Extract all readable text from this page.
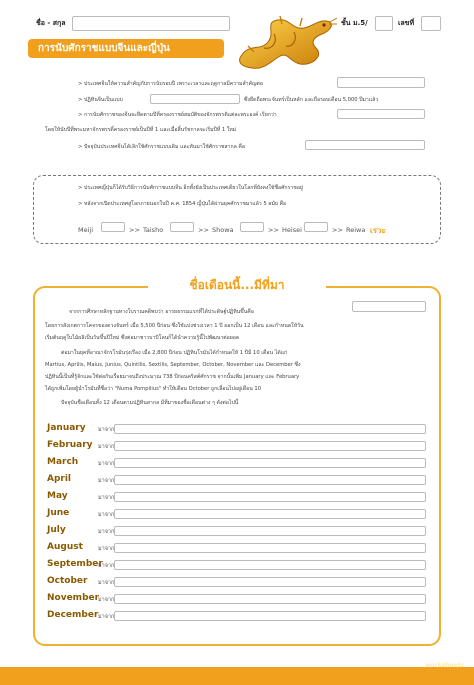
ชื่อ - สกุล	ชั้น ม.5/	เลขที่
การนับศักราชแบบจีนและญี่ปุ่น
> ประเทศจีนให้ความสำคัญกับการนับรอบปี เพราะเวลาและฤดูกาลมีความสำคัญต่อ
> ปฏิทินจีนเป็นแบบ	ซึ่งยึดถือพระจันทร์เป็นหลัก และถือรอบเดือน 5,000 ปีมาแล้ว
> การนับศักราชของจีนจะยึดตามปีที่ครองราชย์สมบัติของจักรพรรดิแต่ละพระองค์ เรียกว่า
โดยให้นับปีที่พระมหาจักรพรรดิ์ครองราชย์เป็นปีที่ 1 และเมื่อสิ้นรัชกาลจะเริ่มปีที่ 1 ใหม่
> ปัจจุบันประเทศจีนได้เลิกใช้ศักราชแบบเดิม และหันมาใช้ศักราชสากล คือ
> ประเทศญี่ปุ่นก็ได้รับวิธีการนับศักราชแบบจีน อีกทั้งยังเป็นประเทศเดียวในโลกที่ยังคงใช้ชื่อศักราชอยู่
> หลังจากเปิดประเทศสู่โลกภายนอกในปี ค.ศ. 1854 ญี่ปุ่นได้ผ่านยุคศักราชมาแล้ว 5 สมัย คือ
Meiji	>> Taisho	>> Showa	>> Heisei	>> Reiwa เรวะ
ชื่อเดือนนี้...มีที่มา
จากการศึกษาหลักฐานทางโบราณคดีพบว่า อารยธรรมแรกที่ได้ประดิษฐ์ปฏิทินขึ้นคือ
โดยการสังเกตการโคจรของดวงจันทร์ เมื่อ 5,500 ปีก่อน ซึ่งใช้แบ่งช่วงเวลา 1 ปี ออกเป็น 12 เดือน และกำหนดให้วัน
เริ่มต้นฤดูใบไม้ผลิเป็นวันขึ้นปีใหม่ ซึ่งต่อมาชาวบาบิโลนก็ได้นำความรู้นี้ไปพัฒนาต่อยอด
ต่อมาในยุคที่อาณาจักรโรมันรุ่งเรือง เมื่อ 2,800 ปีก่อน ปฏิทินโรมันได้กำหนดให้ 1 ปีมี 10 เดือน ได้แก่
Martius, Aprilis, Maius, Junius, Quintilis, Sextilis, September, October, November และ December ซึ่ง
ปฏิทินนี้เป็นที่รู้จักและใช้ต่อกันเรื่อยมาจนถึงประมาณ 738 ปีก่อนคริสต์ศักราช จากนั้นเพิ่ม January และ February
ได้ถูกเพิ่มโดยผู้นำโรมันที่ชื่อว่า "Numa Pompilius" ทำให้เดือน October ถูกเลื่อนไปอยู่เดือน 10
ปัจจุบันชื่อเดือนทั้ง 12 เดือนตามปฏิทินสากล มีที่มาของชื่อเดือนต่าง ๆ ดังต่อไปนี้
January มาจาก
February มาจาก
March	มาจาก
April	มาจาก
May	มาจาก
June	มาจาก
July	มาจาก
August	มาจาก
September
มาจาก
October มาจาก
November
มาจาก
December มาจาก
TOP worksheets
